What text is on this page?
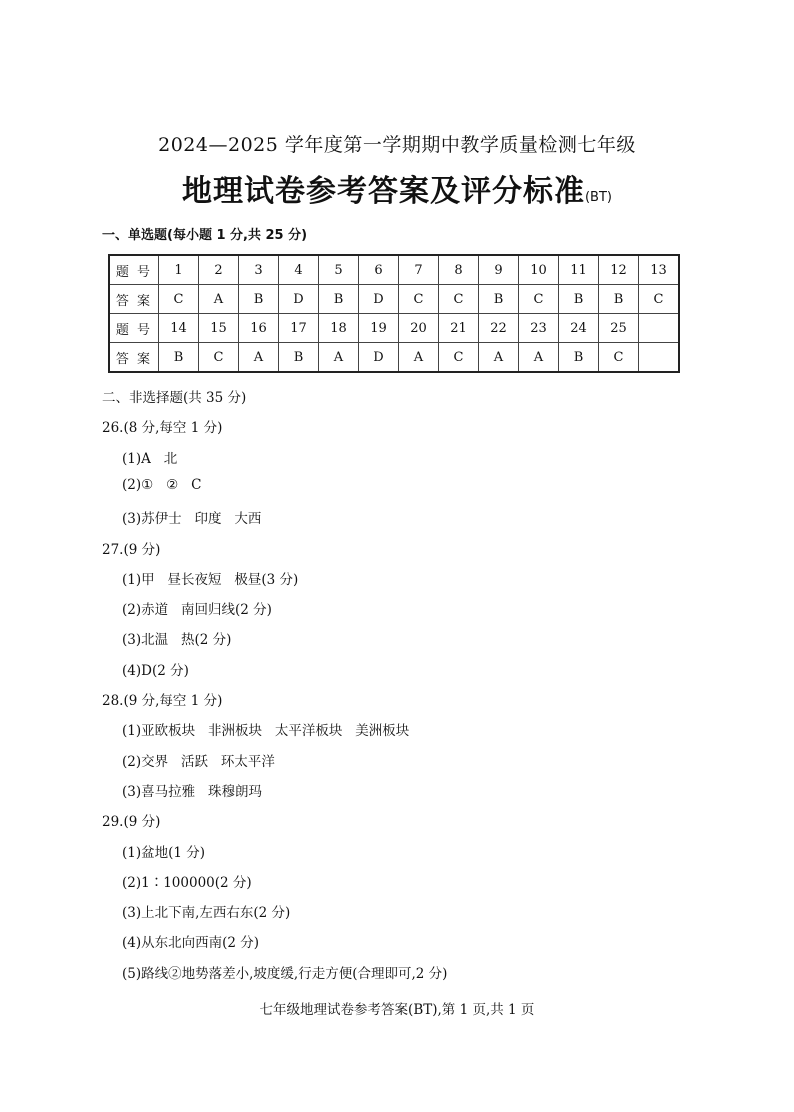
2024—2025 学年度第一学期期中教学质量检测七年级
地理试卷参考答案及评分标准(BT)
一、单选题(每小题 1 分,共 25 分)
题 号	1	2	3	4	5	6	7	8	9	10	11	12	13
答 案	C	A	B	D	B	D	C	C	B	C	B	B	C
题 号	14	15	16	17	18	19	20	21	22	23	24	25	
答 案	B	C	A	B	A	D	A	C	A	A	B	C	
二、非选择题(共 35 分)
26.(8 分,每空 1 分)
(1)A   北
(2)①   ②   C
(3)苏伊士   印度   大西
27.(9 分)
(1)甲   昼长夜短   极昼(3 分)
(2)赤道   南回归线(2 分)
(3)北温   热(2 分)
(4)D(2 分)
28.(9 分,每空 1 分)
(1)亚欧板块   非洲板块   太平洋板块   美洲板块
(2)交界   活跃   环太平洋
(3)喜马拉雅   珠穆朗玛
29.(9 分)
(1)盆地(1 分)
(2)1∶100000(2 分)
(3)上北下南,左西右东(2 分)
(4)从东北向西南(2 分)
(5)路线②地势落差小,坡度缓,行走方便(合理即可,2 分)
七年级地理试卷参考答案(BT),第 1 页,共 1 页
